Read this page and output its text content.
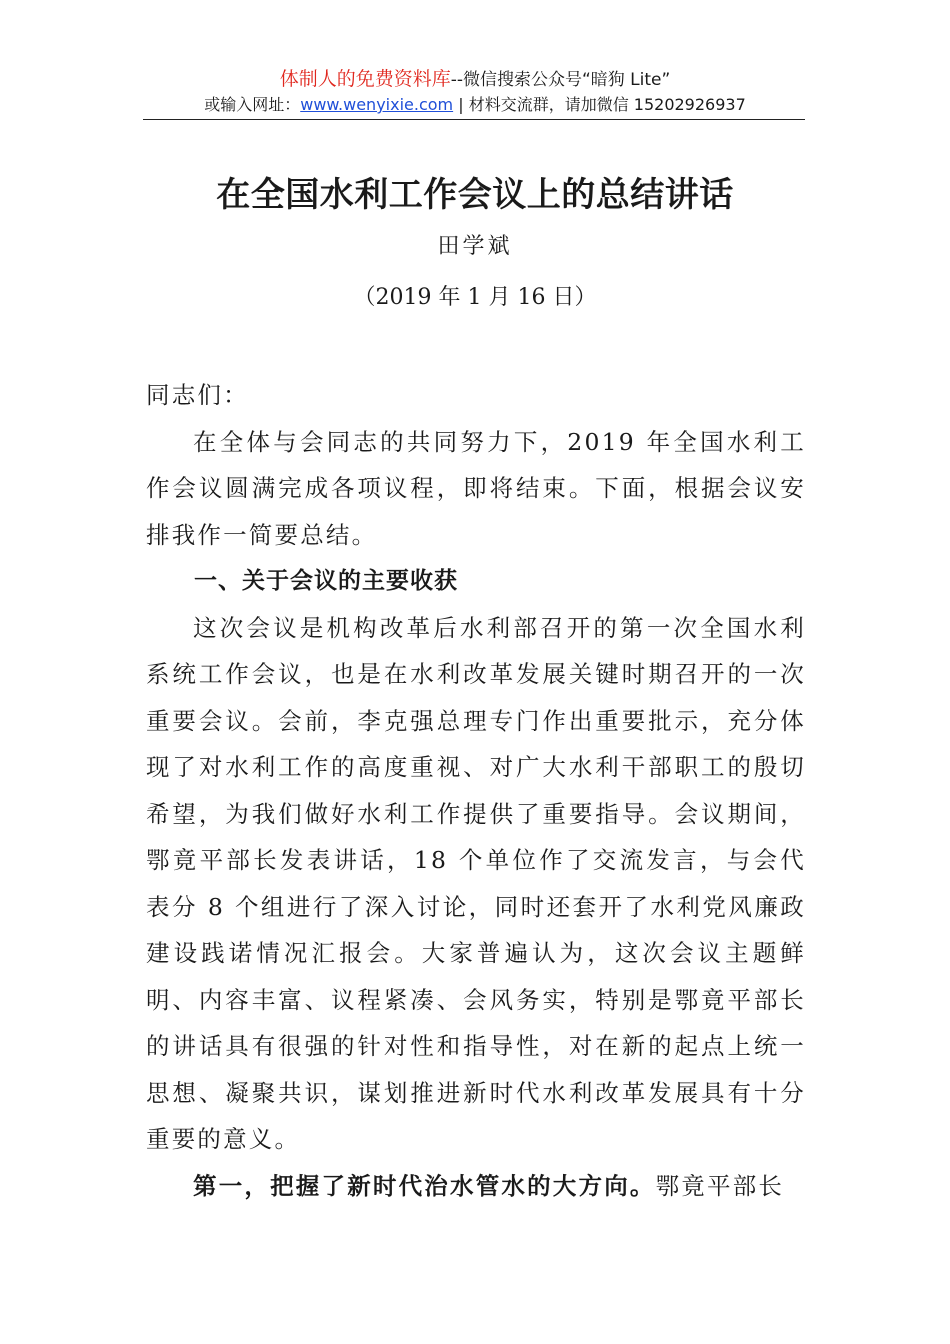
体制人的免费资料库--微信搜索公众号“暗狗 Lite”
或输入网址：www.wenyixie.com | 材料交流群，请加微信 15202926937
在全国水利工作会议上的总结讲话
田学斌
（2019 年 1 月 16 日）

同志们：

在全体与会同志的共同努力下，2019 年全国水利工作会议圆满完成各项议程，即将结束。下面，根据会议安排我作一简要总结。

一、关于会议的主要收获

这次会议是机构改革后水利部召开的第一次全国水利系统工作会议，也是在水利改革发展关键时期召开的一次重要会议。会前，李克强总理专门作出重要批示，充分体现了对水利工作的高度重视、对广大水利干部职工的殷切希望，为我们做好水利工作提供了重要指导。会议期间，鄂竟平部长发表讲话，18 个单位作了交流发言，与会代表分 8 个组进行了深入讨论，同时还套开了水利党风廉政建设践诺情况汇报会。大家普遍认为，这次会议主题鲜明、内容丰富、议程紧凑、会风务实，特别是鄂竟平部长的讲话具有很强的针对性和指导性，对在新的起点上统一思想、凝聚共识，谋划推进新时代水利改革发展具有十分重要的意义。

第一，把握了新时代治水管水的大方向。鄂竟平部长
